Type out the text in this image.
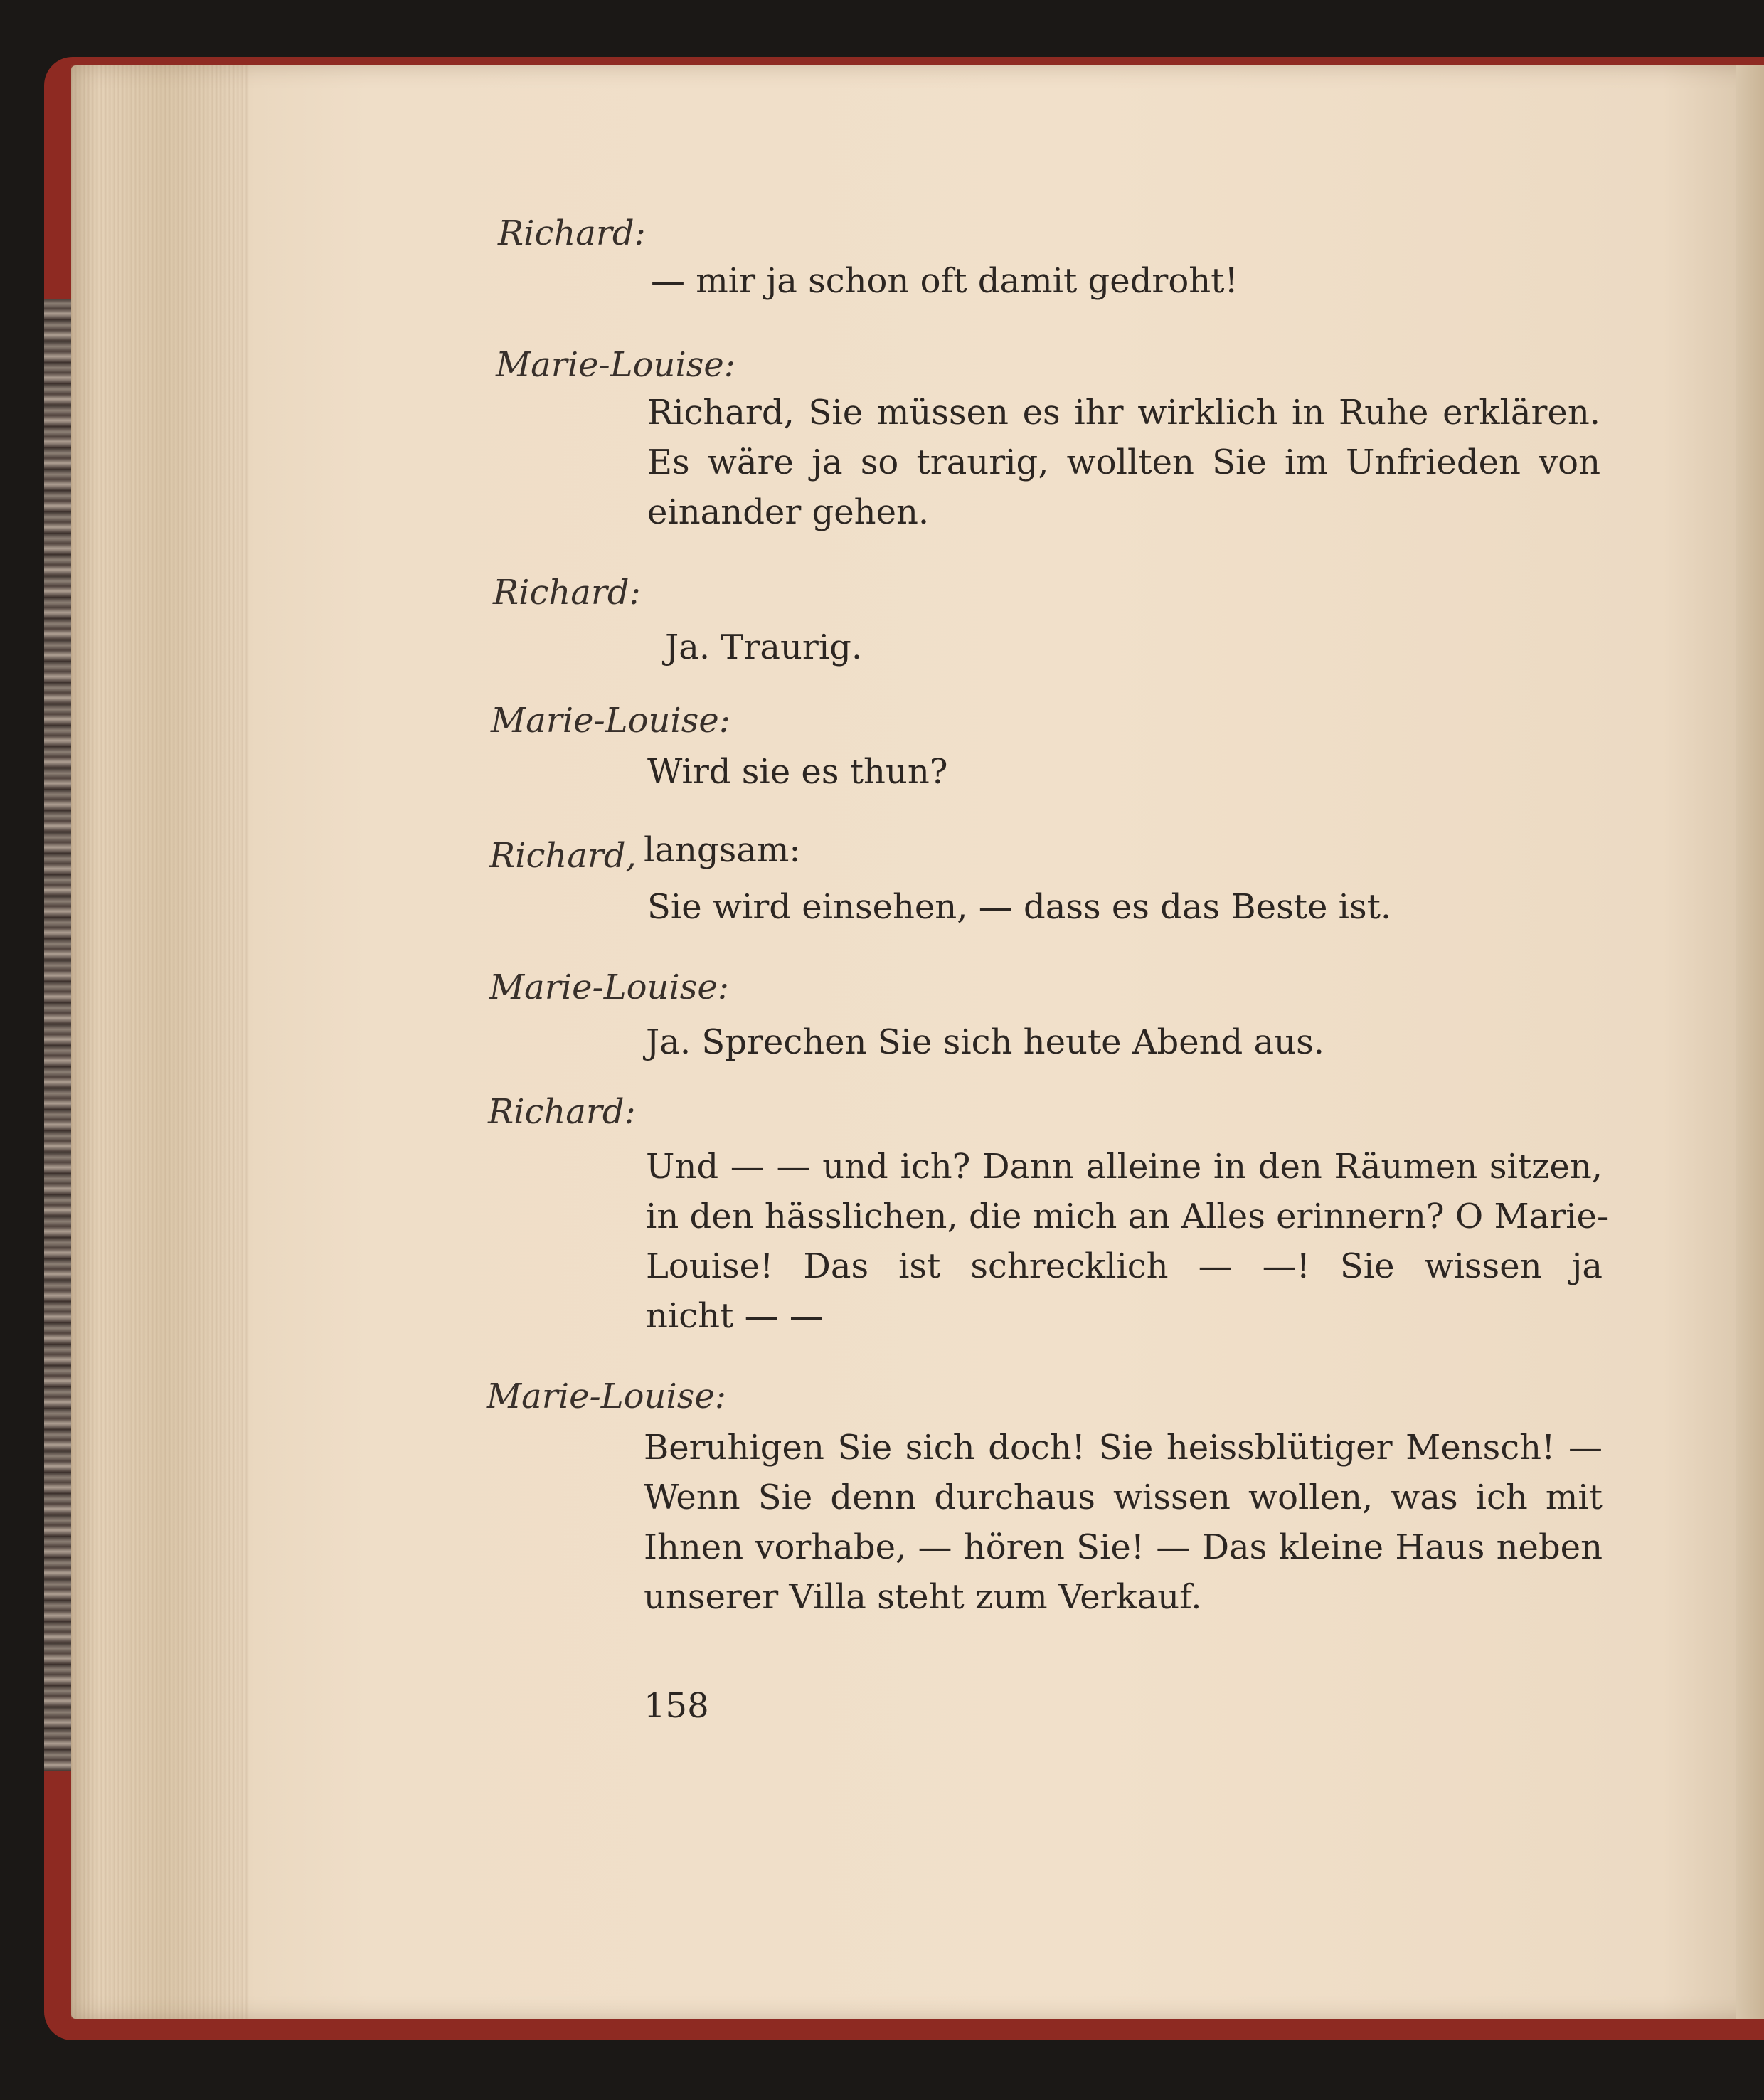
Richard:
— mir ja schon oft damit gedroht!
Marie-Louise:
Richard, Sie müssen es ihr wirklich in Ruhe erklären.
Es wäre ja so traurig, wollten Sie im Unfrieden von
einander gehen.
Richard:
Ja. Traurig.
Marie-Louise:
Wird sie es thun?
Richard, langsam:
Sie wird einsehen, — dass es das Beste ist.
Marie-Louise:
Ja. Sprechen Sie sich heute Abend aus.
Richard:
Und — — und ich? Dann alleine in den Räumen sitzen,
in den hässlichen, die mich an Alles erinnern? O Marie-
Louise! Das ist schrecklich — —! Sie wissen ja
nicht — —
Marie-Louise:
Beruhigen Sie sich doch! Sie heissblütiger Mensch! —
Wenn Sie denn durchaus wissen wollen, was ich mit
Ihnen vorhabe, — hören Sie! — Das kleine Haus neben
unserer Villa steht zum Verkauf.
158
